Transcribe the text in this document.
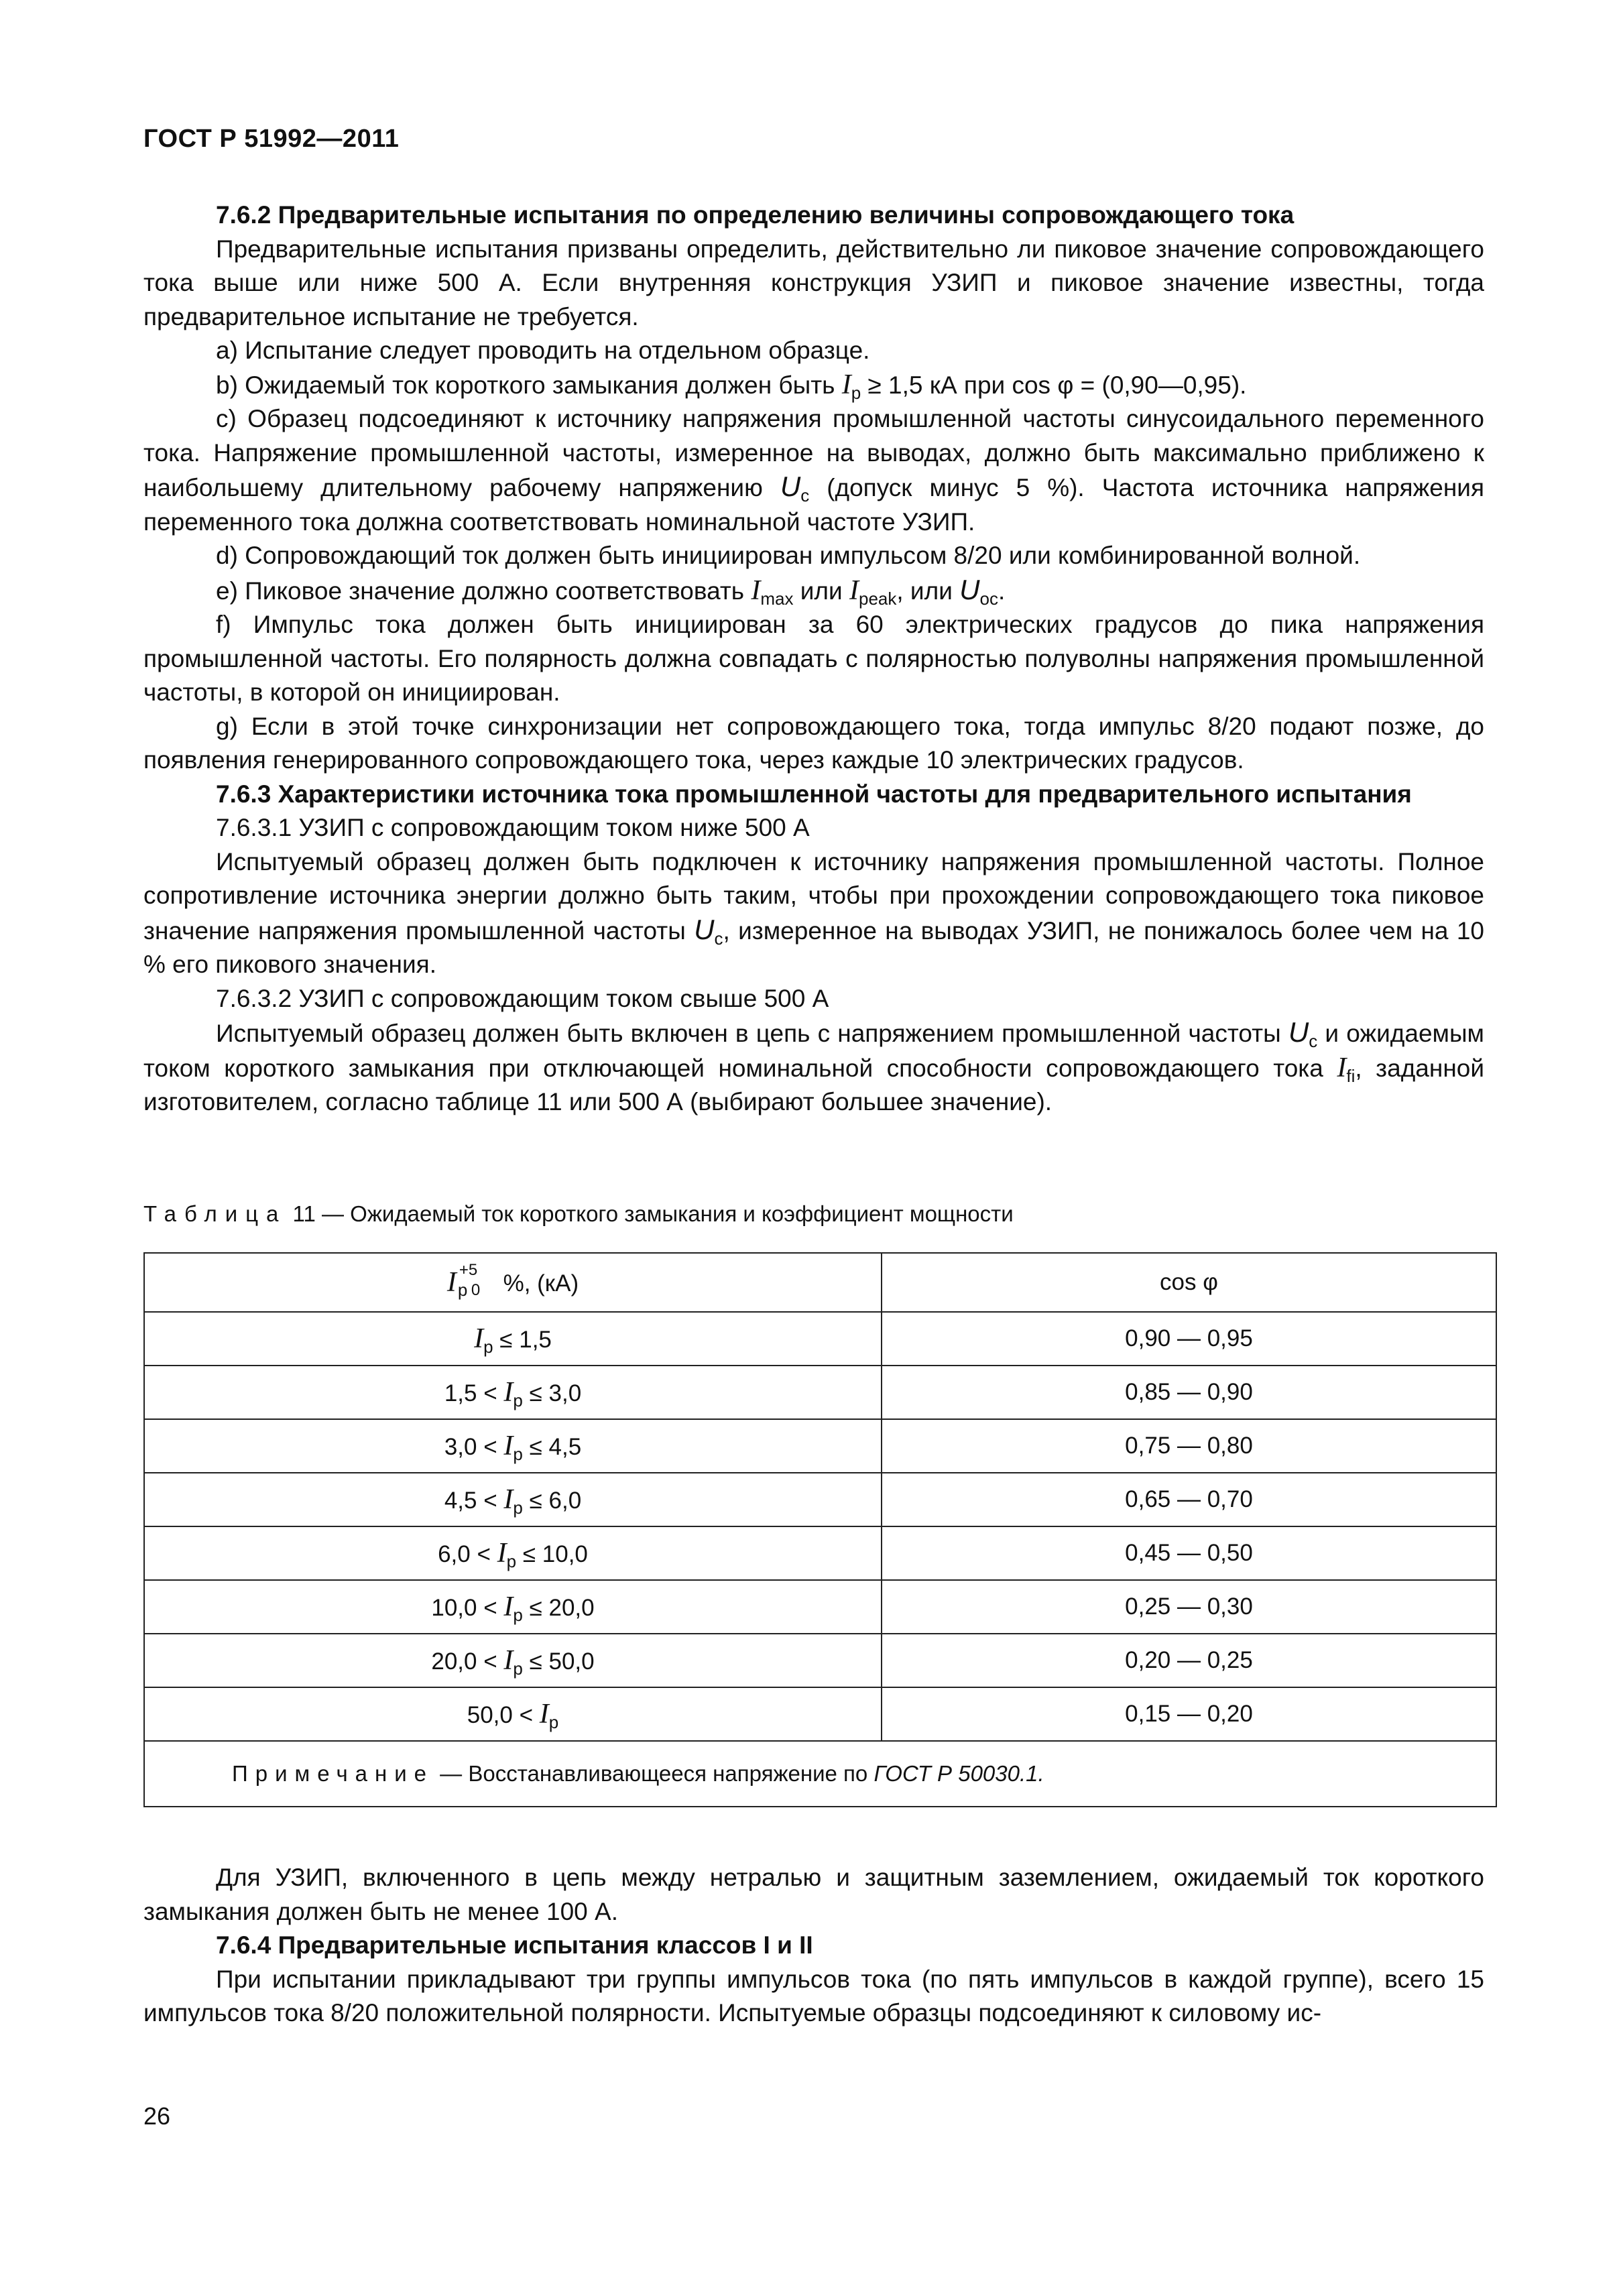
ГОСТ Р 51992—2011

7.6.2 Предварительные испытания по определению величины сопровождающего тока

Предварительные испытания призваны определить, действительно ли пиковое значение сопровождающего тока выше или ниже 500 А. Если внутренняя конструкция УЗИП и пиковое значение известны, тогда предварительное испытание не требуется.

a) Испытание следует проводить на отдельном образце.

b) Ожидаемый ток короткого замыкания должен быть $I_p \ge 1,5$ кА при cos φ = (0,90—0,95).

c) Образец подсоединяют к источнику напряжения промышленной частоты синусоидального переменного тока. Напряжение промышленной частоты, измеренное на выводах, должно быть максимально приближено к наибольшему длительному рабочему напряжению $U_c$ (допуск минус 5 %). Частота источника напряжения переменного тока должна соответствовать номинальной частоте УЗИП.

d) Сопровождающий ток должен быть инициирован импульсом 8/20 или комбинированной волной.

e) Пиковое значение должно соответствовать $I_{max}$ или $I_{peak}$, или $U_{oc}$.

f) Импульс тока должен быть инициирован за 60 электрических градусов до пика напряжения промышленной частоты. Его полярность должна совпадать с полярностью полуволны напряжения промышленной частоты, в которой он инициирован.

g) Если в этой точке синхронизации нет сопровождающего тока, тогда импульс 8/20 подают позже, до появления генерированного сопровождающего тока, через каждые 10 электрических градусов.

7.6.3 Характеристики источника тока промышленной частоты для предварительного испытания

7.6.3.1 УЗИП с сопровождающим током ниже 500 А

Испытуемый образец должен быть подключен к источнику напряжения промышленной частоты. Полное сопротивление источника энергии должно быть таким, чтобы при прохождении сопровождающего тока пиковое значение напряжения промышленной частоты $U_c$, измеренное на выводах УЗИП, не понижалось более чем на 10 % его пикового значения.

7.6.3.2 УЗИП с сопровождающим током свыше 500 А

Испытуемый образец должен быть включен в цепь с напряжением промышленной частоты $U_c$ и ожидаемым током короткого замыкания при отключающей номинальной способности сопровождающего тока $I_{fi}$, заданной изготовителем, согласно таблице 11 или 500 А (выбирают большее значение).

Таблица 11 — Ожидаемый ток короткого замыкания и коэффициент мощности
I +5
0
p %, (кА)	cos φ
$I_p \le 1,5$	0,90 — 0,95
$1,5 < I_p \le 3,0$	0,85 — 0,90
$3,0 < I_p \le 4,5$	0,75 — 0,80
$4,5 < I_p \le 6,0$	0,65 — 0,70
$6,0 < I_p \le 10,0$	0,45 — 0,50
$10,0 < I_p \le 20,0$	0,25 — 0,30
$20,0 < I_p \le 50,0$	0,20 — 0,25
$50,0 < I_p$	0,15 — 0,20
Примечание — Восстанавливающееся напряжение по ГОСТ Р 50030.1.	

Для УЗИП, включенного в цепь между нетралью и защитным заземлением, ожидаемый ток короткого замыкания должен быть не менее 100 А.

7.6.4 Предварительные испытания классов I и II

При испытании прикладывают три группы импульсов тока (по пять импульсов в каждой группе), всего 15 импульсов тока 8/20 положительной полярности. Испытуемые образцы подсоединяют к силовому ис-

26
